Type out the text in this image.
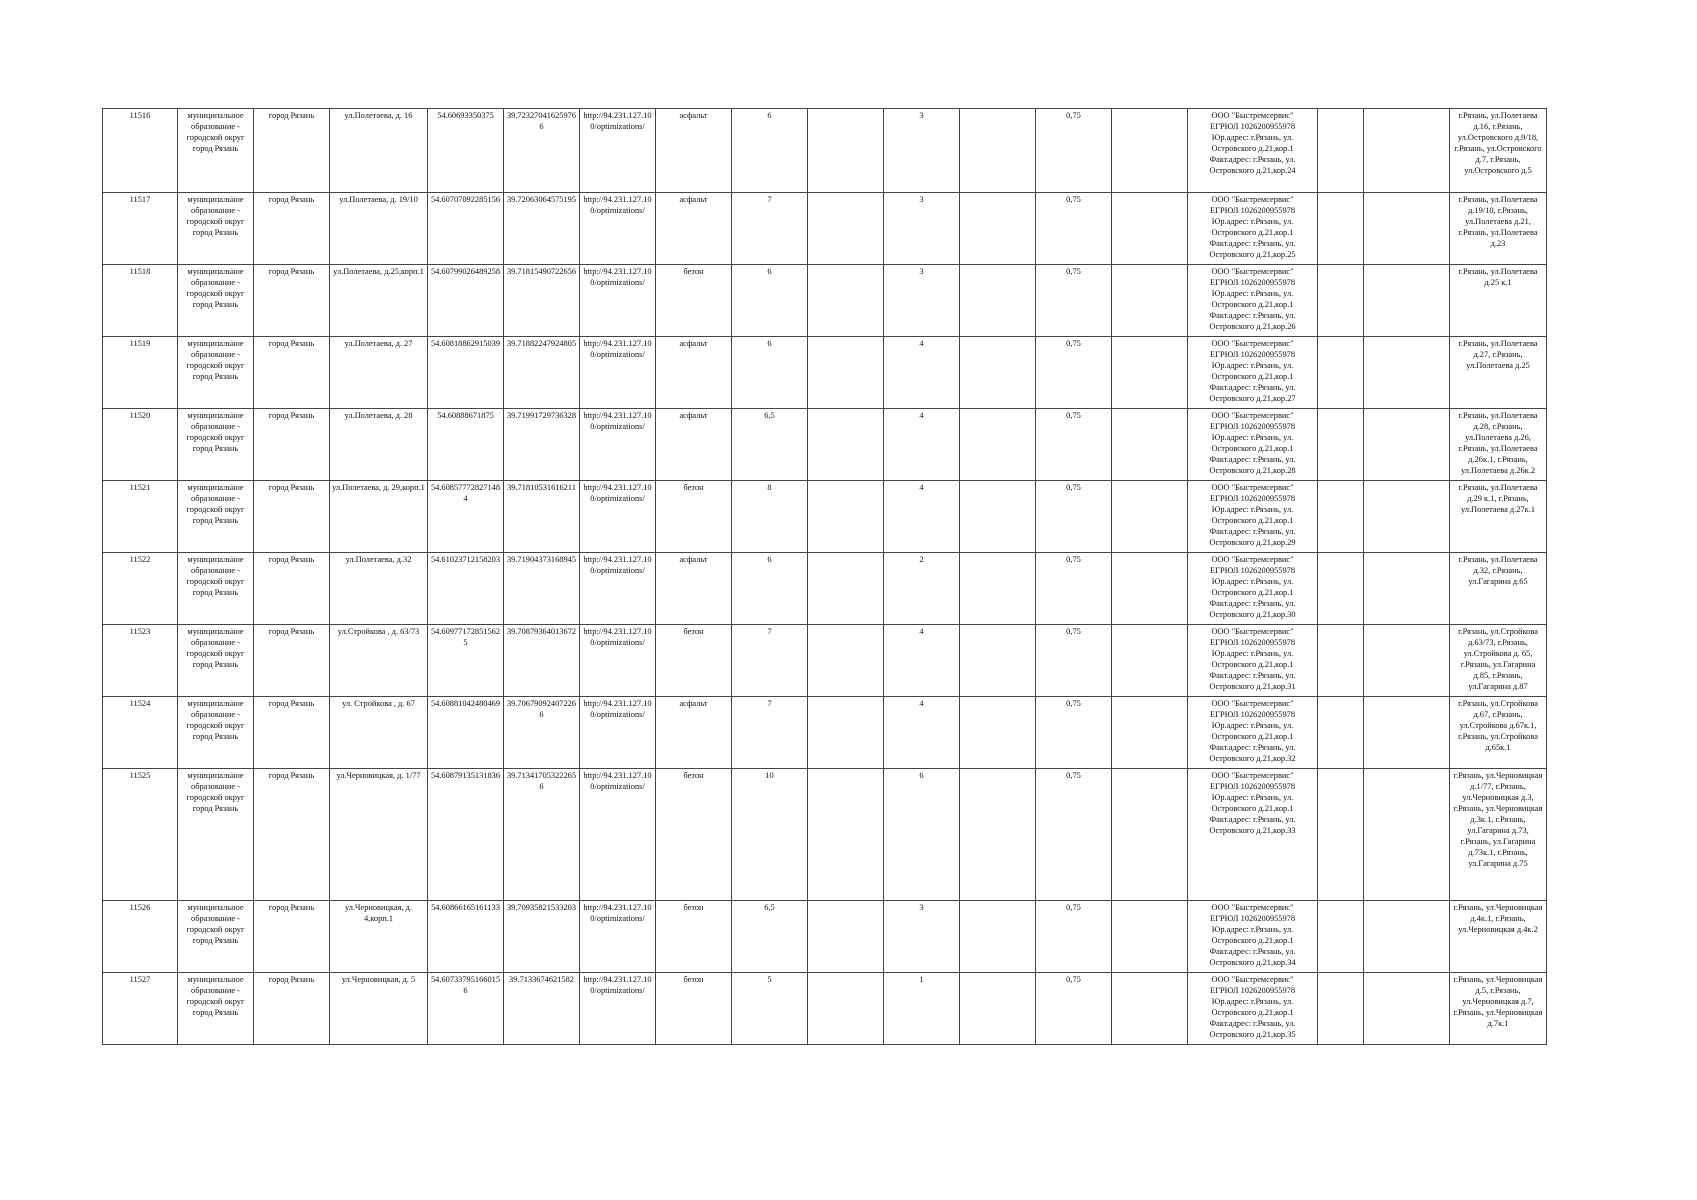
11516	муниципальное образование - городской округ город Рязань	город Рязань	ул.Полетаева, д. 16	54.60693350375	39.723270416259766	http://94.231.127.100/optimizations/	асфальт	6		3		0,75		ООО "Быстремсервис"
ЕГРЮЛ 1026200955978
Юр.адрес: г.Рязань, ул. Островского д.21,кор.1
Факт.адрес: г.Рязань, ул. Островского д.21,кор.24			г.Рязань, ул.Полетаева д.16, г.Рязань, ул.Островского д.9/18, г.Рязань, ул.Островского д.7, г.Рязань, ул.Островского д.5
11517	муниципальное образование - городской округ город Рязань	город Рязань	ул.Полетаева, д. 19/10	54.60707092285156	39.72063064575195	http://94.231.127.100/optimizations/	асфальт	7		3		0,75		ООО "Быстремсервис"
ЕГРЮЛ 1026200955978
Юр.адрес: г.Рязань, ул. Островского д.21,кор.1
Факт.адрес: г.Рязань, ул. Островского д.21,кор.25			г.Рязань, ул.Полетаева д.19/10, г.Рязань, ул.Полетаева д.21, г.Рязань, ул.Полетаева д.23
11518	муниципальное образование - городской округ город Рязань	город Рязань	ул.Полетаева, д.25,корп.1	54.60799026489258	39.71815490722656	http://94.231.127.100/optimizations/	бетон	6		3		0,75		ООО "Быстремсервис"
ЕГРЮЛ 1026200955978
Юр.адрес: г.Рязань, ул. Островского д.21,кор.1
Факт.адрес: г.Рязань, ул. Островского д.21,кор.26			г.Рязань, ул.Полетаева д.25 к.1
11519	муниципальное образование - городской округ город Рязань	город Рязань	ул.Полетаева, д. 27	54.60818862915039	39.71882247924805	http://94.231.127.100/optimizations/	асфальт	6		4		0,75		ООО "Быстремсервис"
ЕГРЮЛ 1026200955978
Юр.адрес: г.Рязань, ул. Островского д.21,кор.1
Факт.адрес: г.Рязань, ул. Островского д.21,кор.27			г.Рязань, ул.Полетаева д.27, г.Рязань, ул.Полетаева д.25
11520	муниципальное образование - городской округ город Рязань	город Рязань	ул.Полетаева, д. 28	54.60888671875	39.71991729736328	http://94.231.127.100/optimizations/	асфальт	6,5		4		0,75		ООО "Быстремсервис"
ЕГРЮЛ 1026200955978
Юр.адрес: г.Рязань, ул. Островского д.21,кор.1
Факт.адрес: г.Рязань, ул. Островского д.21,кор.28			г.Рязань, ул.Полетаева д.28, г.Рязань, ул.Полетаева д.26, г.Рязань, ул.Полетаева д.26к.1, г.Рязань, ул.Полетаева д.26к.2
11521	муниципальное образование - городской округ город Рязань	город Рязань	ул.Полетаева, д. 29,корп.1	54.608577728271484	39.71810531616211	http://94.231.127.100/optimizations/	бетон	8		4		0,75		ООО "Быстремсервис"
ЕГРЮЛ 1026200955978
Юр.адрес: г.Рязань, ул. Островского д.21,кор.1
Факт.адрес: г.Рязань, ул. Островского д.21,кор.29			г.Рязань, ул.Полетаева д.29 к.1, г.Рязань, ул.Полетаева д.27к.1
11522	муниципальное образование - городской округ город Рязань	город Рязань	ул.Полетаева, д.32	54.61023712158203	39.71904373168945	http://94.231.127.100/optimizations/	асфальт	6		2		0,75		ООО "Быстремсервис"
ЕГРЮЛ 1026200955978
Юр.адрес: г.Рязань, ул. Островского д.21,кор.1
Факт.адрес: г.Рязань, ул. Островского д.21,кор.30			г.Рязань, ул.Полетаева д.32, г.Рязань, ул.Гагарина д.65
11523	муниципальное образование - городской округ город Рязань	город Рязань	ул.Стройкова , д. 63/73	54.609771728515625	39.70879364013672	http://94.231.127.100/optimizations/	бетон	7		4		0,75		ООО "Быстремсервис"
ЕГРЮЛ 1026200955978
Юр.адрес: г.Рязань, ул. Островского д.21,кор.1
Факт.адрес: г.Рязань, ул. Островского д.21,кор.31			г.Рязань, ул.Стройкова д.63/73, г.Рязань, ул.Стройкова д. 65, г.Рязань, ул.Гагарина д.85, г.Рязань, ул.Гагарина д.87
11524	муниципальное образование - городской округ город Рязань	город Рязань	ул. Стройкова , д. 67	54.60881042480469	39.706790924072266	http://94.231.127.100/optimizations/	асфальт	7		4		0,75		ООО "Быстремсервис"
ЕГРЮЛ 1026200955978
Юр.адрес: г.Рязань, ул. Островского д.21,кор.1
Факт.адрес: г.Рязань, ул. Островского д.21,кор.32			г.Рязань, ул.Стройкова д.67, г.Рязань, ул.Стройкова д.67к.1, г.Рязань, ул.Стройкова д.65к.1
11525	муниципальное образование - городской округ город Рязань	город Рязань	ул.Черновицкая, д. 1/77	54.60879135131836	39.713417053222656	http://94.231.127.100/optimizations/	бетон	10		6		0,75		ООО "Быстремсервис"
ЕГРЮЛ 1026200955978
Юр.адрес: г.Рязань, ул. Островского д.21,кор.1
Факт.адрес: г.Рязань, ул. Островского д.21,кор.33			г.Рязань, ул.Черновицкая д.1/77, г.Рязань, ул.Черновицкая д.3, г.Рязань, ул.Черновицкая д.3к.1, г.Рязань, ул.Гагарина д.73, г.Рязань, ул.Гагарина д.73к.1, г.Рязань, ул.Гагарина д.75
11526	муниципальное образование - городской округ город Рязань	город Рязань	ул.Черновицкая, д. 4,корп.1	54.60866165161133	39.70935821533203	http://94.231.127.100/optimizations/	бетон	6,5		3		0,75		ООО "Быстремсервис"
ЕГРЮЛ 1026200955978
Юр.адрес: г.Рязань, ул. Островского д.21,кор.1
Факт.адрес: г.Рязань, ул. Островского д.21,кор.34			г.Рязань, ул.Черновицкая д.4к.1, г.Рязань, ул.Черновицкая д.4к.2
11527	муниципальное образование - городской округ город Рязань	город Рязань	ул.Черновицкая, д. 5	54.607337951660156	39.7133674621582	http://94.231.127.100/optimizations/	бетон	5		1		0,75		ООО "Быстремсервис"
ЕГРЮЛ 1026200955978
Юр.адрес: г.Рязань, ул. Островского д.21,кор.1
Факт.адрес: г.Рязань, ул. Островского д.21,кор.35			г.Рязань, ул.Черновицкая д.5, г.Рязань, ул.Черновицкая д.7, г.Рязань, ул.Черновицкая д.7к.1
